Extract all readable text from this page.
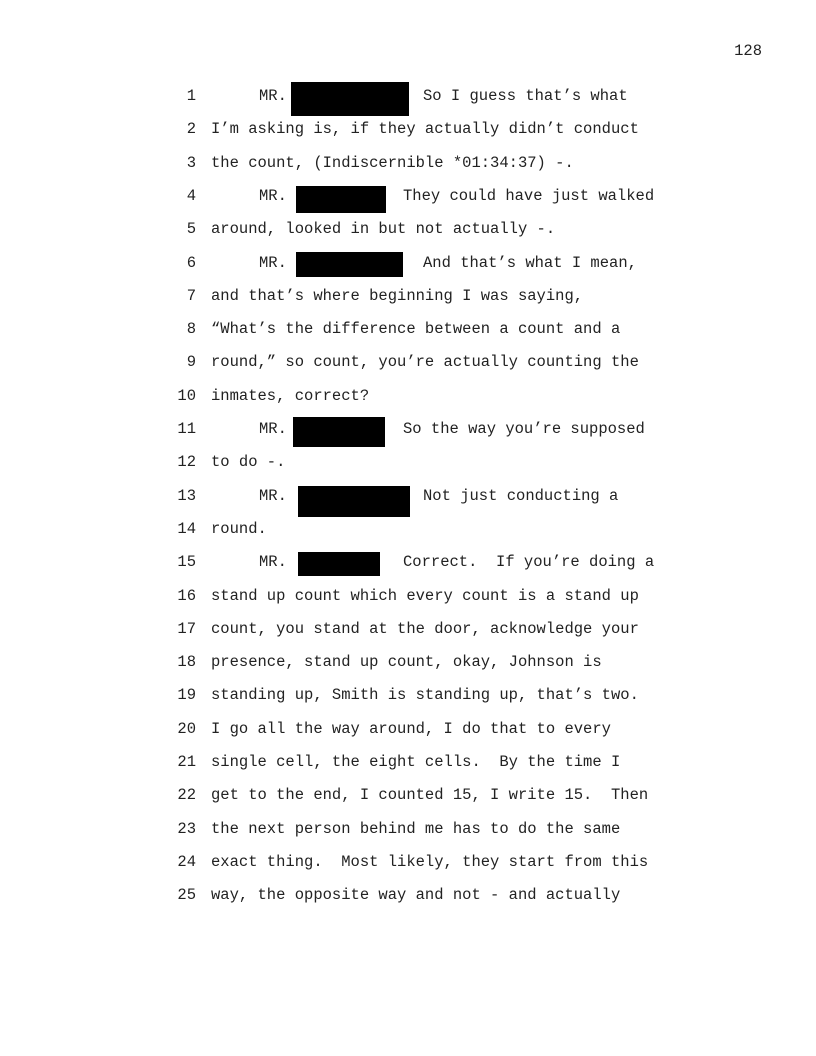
128
1	MR.	So I guess that’s what
2 I’m asking is, if they actually didn’t conduct
3 the count, (Indiscernible *01:34:37) -.
4	MR.	They could have just walked
5 around, looked in but not actually -.
6	MR.	And that’s what I mean,
7 and that’s where beginning I was saying,
8 “What’s the difference between a count and a
9 round,” so count, you’re actually counting the
10 inmates, correct?
11	MR.	So the way you’re supposed
12 to do -.
13	MR.	Not just conducting a
14 round.
15	MR.	Correct.  If you’re doing a
16 stand up count which every count is a stand up
17 count, you stand at the door, acknowledge your
18 presence, stand up count, okay, Johnson is
19 standing up, Smith is standing up, that’s two.
20 I go all the way around, I do that to every
21 single cell, the eight cells.  By the time I
22 get to the end, I counted 15, I write 15.  Then
23 the next person behind me has to do the same
24 exact thing.  Most likely, they start from this
25 way, the opposite way and not - and actually
